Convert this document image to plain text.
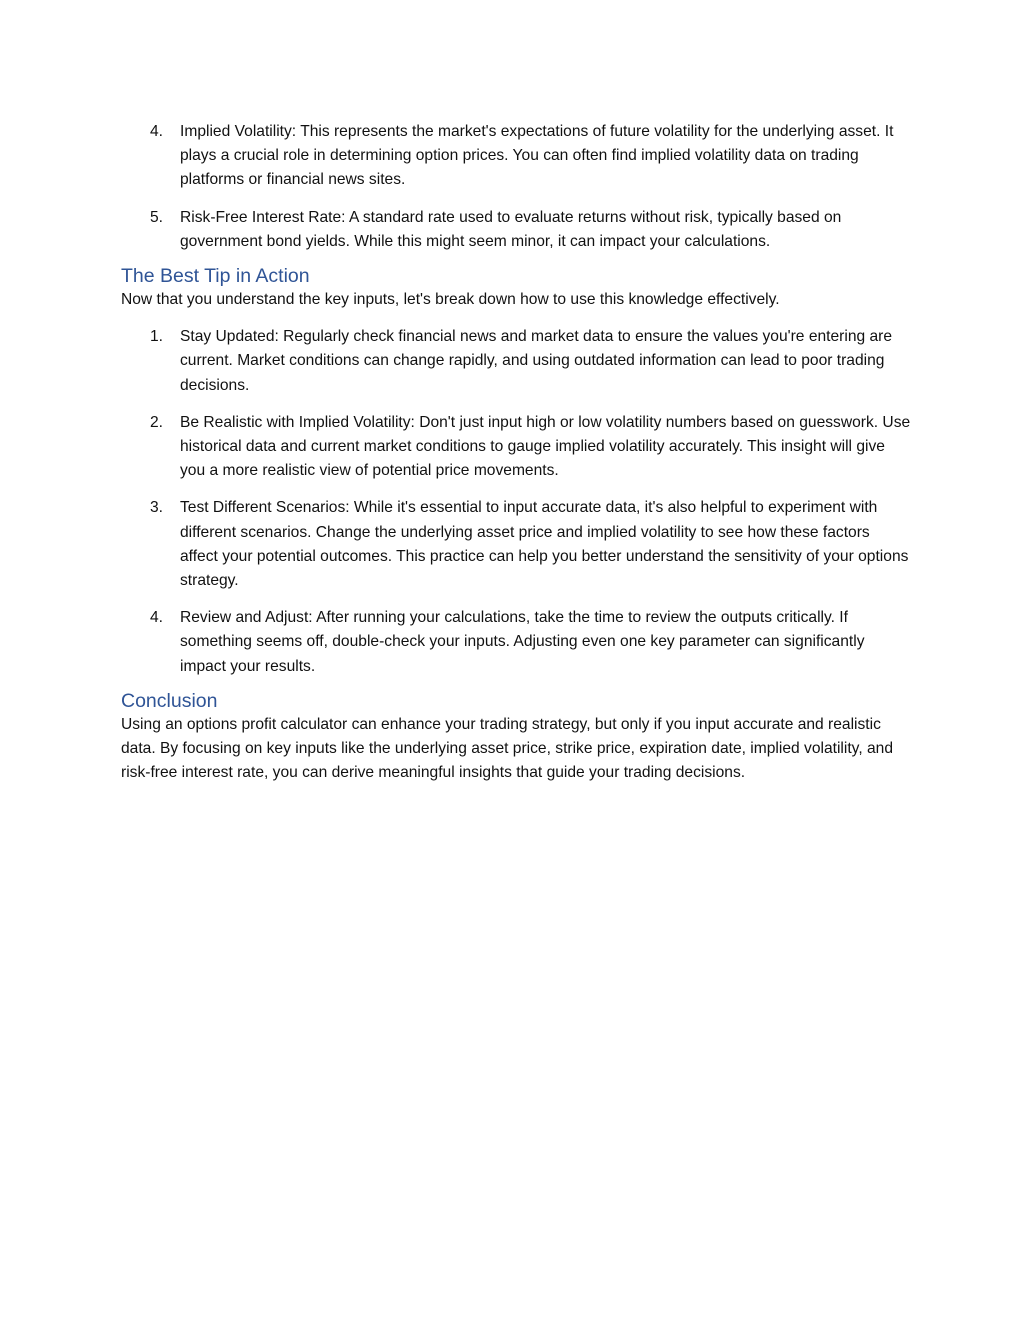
4. Implied Volatility: This represents the market's expectations of future volatility for the underlying asset. It plays a crucial role in determining option prices. You can often find implied volatility data on trading platforms or financial news sites.
5. Risk-Free Interest Rate: A standard rate used to evaluate returns without risk, typically based on government bond yields. While this might seem minor, it can impact your calculations.
The Best Tip in Action

Now that you understand the key inputs, let's break down how to use this knowledge effectively.

1. Stay Updated: Regularly check financial news and market data to ensure the values you're entering are current. Market conditions can change rapidly, and using outdated information can lead to poor trading decisions.
2. Be Realistic with Implied Volatility: Don't just input high or low volatility numbers based on guesswork. Use historical data and current market conditions to gauge implied volatility accurately. This insight will give you a more realistic view of potential price movements.
3. Test Different Scenarios: While it's essential to input accurate data, it's also helpful to experiment with different scenarios. Change the underlying asset price and implied volatility to see how these factors affect your potential outcomes. This practice can help you better understand the sensitivity of your options strategy.
4. Review and Adjust: After running your calculations, take the time to review the outputs critically. If something seems off, double-check your inputs. Adjusting even one key parameter can significantly impact your results.
Conclusion

Using an options profit calculator can enhance your trading strategy, but only if you input accurate and realistic data. By focusing on key inputs like the underlying asset price, strike price, expiration date, implied volatility, and risk-free interest rate, you can derive meaningful insights that guide your trading decisions.
